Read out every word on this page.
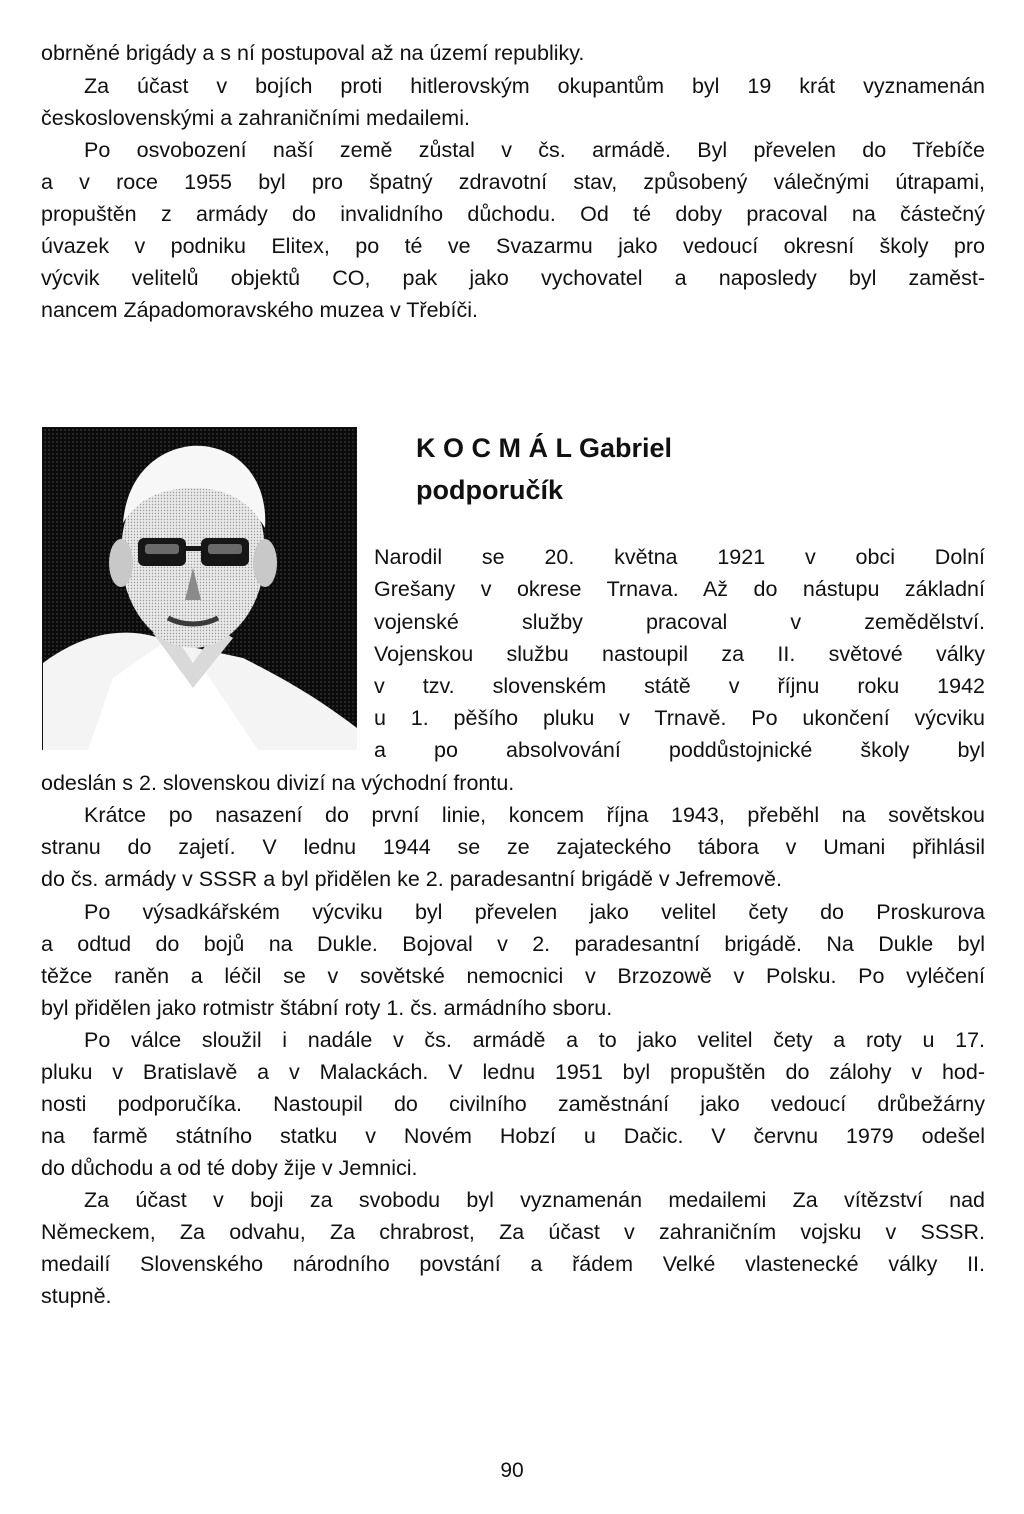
obrněné brigády a s ní postupoval až na území republiky.
Za účast v bojích proti hitlerovským okupantům byl 19 krát vyznamenán
československými a zahraničními medailemi.
Po osvobození naší země zůstal v čs. armádě. Byl převelen do Třebíče
a v roce 1955 byl pro špatný zdravotní stav, způsobený válečnými útrapami,
propuštěn z armády do invalidního důchodu. Od té doby pracoval na částečný
úvazek v podniku Elitex, po té ve Svazarmu jako vedoucí okresní školy pro
výcvik velitelů objektů CO, pak jako vychovatel a naposledy byl zaměst-
nancem Západomoravského muzea v Třebíči.
K O C M Á L Gabriel
podporučík
Narodil se 20. května 1921 v obci Dolní
Grešany v okrese Trnava. Až do nástupu základní
vojenské služby pracoval v zemědělství.
Vojenskou službu nastoupil za II. světové války
v tzv. slovenském státě v říjnu roku 1942
u 1. pěšího pluku v Trnavě. Po ukončení výcviku
a po absolvování poddůstojnické školy byl
odeslán s 2. slovenskou divizí na východní frontu.
Krátce po nasazení do první linie, koncem října 1943, přeběhl na sovětskou
stranu do zajetí. V lednu 1944 se ze zajateckého tábora v Umani přihlásil
do čs. armády v SSSR a byl přidělen ke 2. paradesantní brigádě v Jefremově.
Po výsadkářském výcviku byl převelen jako velitel čety do Proskurova
a odtud do bojů na Dukle. Bojoval v 2. paradesantní brigádě. Na Dukle byl
těžce raněn a léčil se v sovětské nemocnici v Brzozowě v Polsku. Po vyléčení
byl přidělen jako rotmistr štábní roty 1. čs. armádního sboru.
Po válce sloužil i nadále v čs. armádě a to jako velitel čety a roty u 17.
pluku v Bratislavě a v Malackách. V lednu 1951 byl propuštěn do zálohy v hod-
nosti podporučíka. Nastoupil do civilního zaměstnání jako vedoucí drůbežárny
na farmě státního statku v Novém Hobzí u Dačic. V červnu 1979 odešel
do důchodu a od té doby žije v Jemnici.
Za účast v boji za svobodu byl vyznamenán medailemi Za vítězství nad
Německem, Za odvahu, Za chrabrost, Za účast v zahraničním vojsku v SSSR.
medailí Slovenského národního povstání a řádem Velké vlastenecké války II.
stupně.
90
